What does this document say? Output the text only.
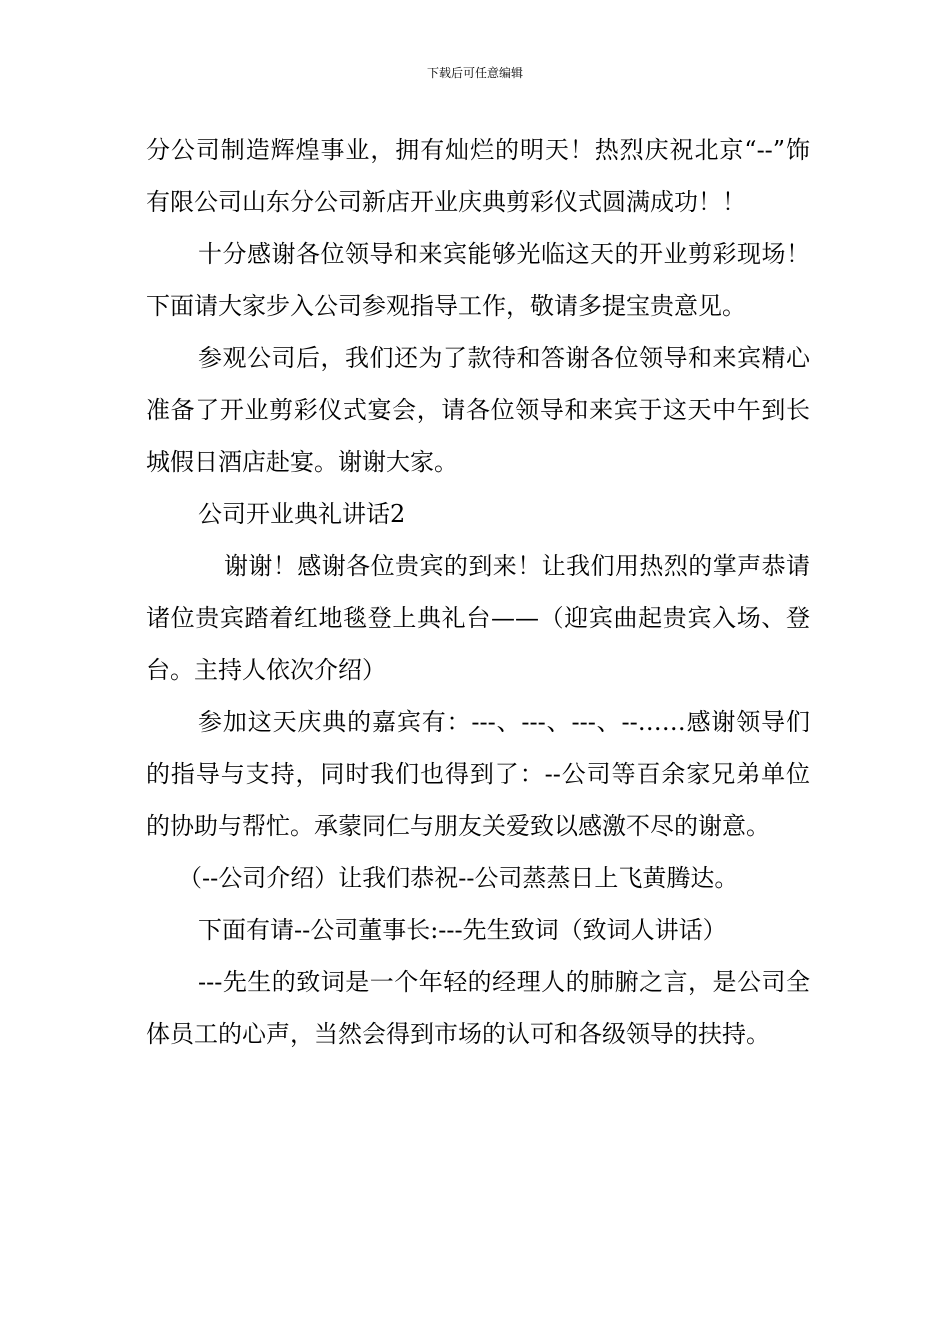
下载后可任意编辑

分公司制造辉煌事业，拥有灿烂的明天！热烈庆祝北京“--”饰有限公司山东分公司新店开业庆典剪彩仪式圆满成功！！

十分感谢各位领导和来宾能够光临这天的开业剪彩现场！下面请大家步入公司参观指导工作，敬请多提宝贵意见。

参观公司后，我们还为了款待和答谢各位领导和来宾精心准备了开业剪彩仪式宴会，请各位领导和来宾于这天中午到长城假日酒店赴宴。谢谢大家。

公司开业典礼讲话2

谢谢！感谢各位贵宾的到来！让我们用热烈的掌声恭请诸位贵宾踏着红地毯登上典礼台——（迎宾曲起贵宾入场、登台。主持人依次介绍）

参加这天庆典的嘉宾有：---、---、---、--……感谢领导们的指导与支持，同时我们也得到了：--公司等百余家兄弟单位的协助与帮忙。承蒙同仁与朋友关爱致以感激不尽的谢意。

（--公司介绍）让我们恭祝--公司蒸蒸日上飞黄腾达。

下面有请--公司董事长:---先生致词（致词人讲话）

---先生的致词是一个年轻的经理人的肺腑之言，是公司全体员工的心声，当然会得到市场的认可和各级领导的扶持。
